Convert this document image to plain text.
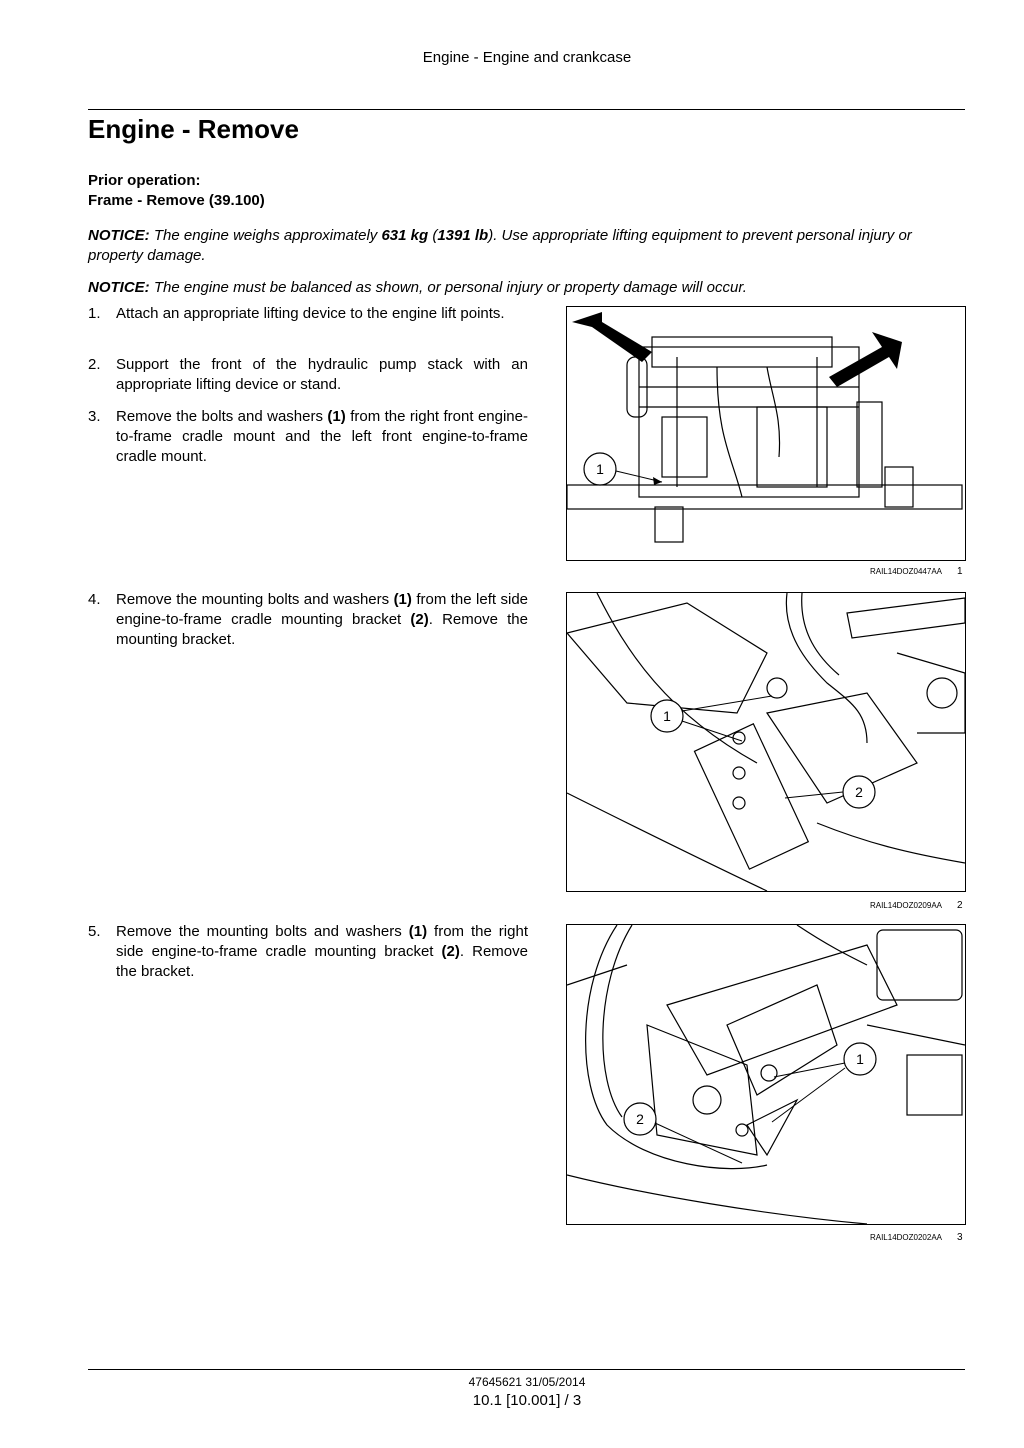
Engine - Engine and crankcase
Engine - Remove
Prior operation:
Frame - Remove (39.100)
NOTICE: The engine weighs approximately 631 kg (1391 lb). Use appropriate lifting equipment to prevent personal injury or property damage.
NOTICE: The engine must be balanced as shown, or personal injury or property damage will occur.
1. Attach an appropriate lifting device to the engine lift points.
2. Support the front of the hydraulic pump stack with an appropriate lifting device or stand.
3. Remove the bolts and washers (1) from the right front engine-to-frame cradle mount and the left front engine-to-frame cradle mount.
1
RAIL14DOZ0447AA 1
4. Remove the mounting bolts and washers (1) from the left side engine-to-frame cradle mounting bracket (2). Remove the mounting bracket.
1
2
RAIL14DOZ0209AA 2
5. Remove the mounting bolts and washers (1) from the right side engine-to-frame cradle mounting bracket (2). Remove the bracket.
1
2
RAIL14DOZ0202AA 3
47645621 31/05/2014
10.1 [10.001] / 3
